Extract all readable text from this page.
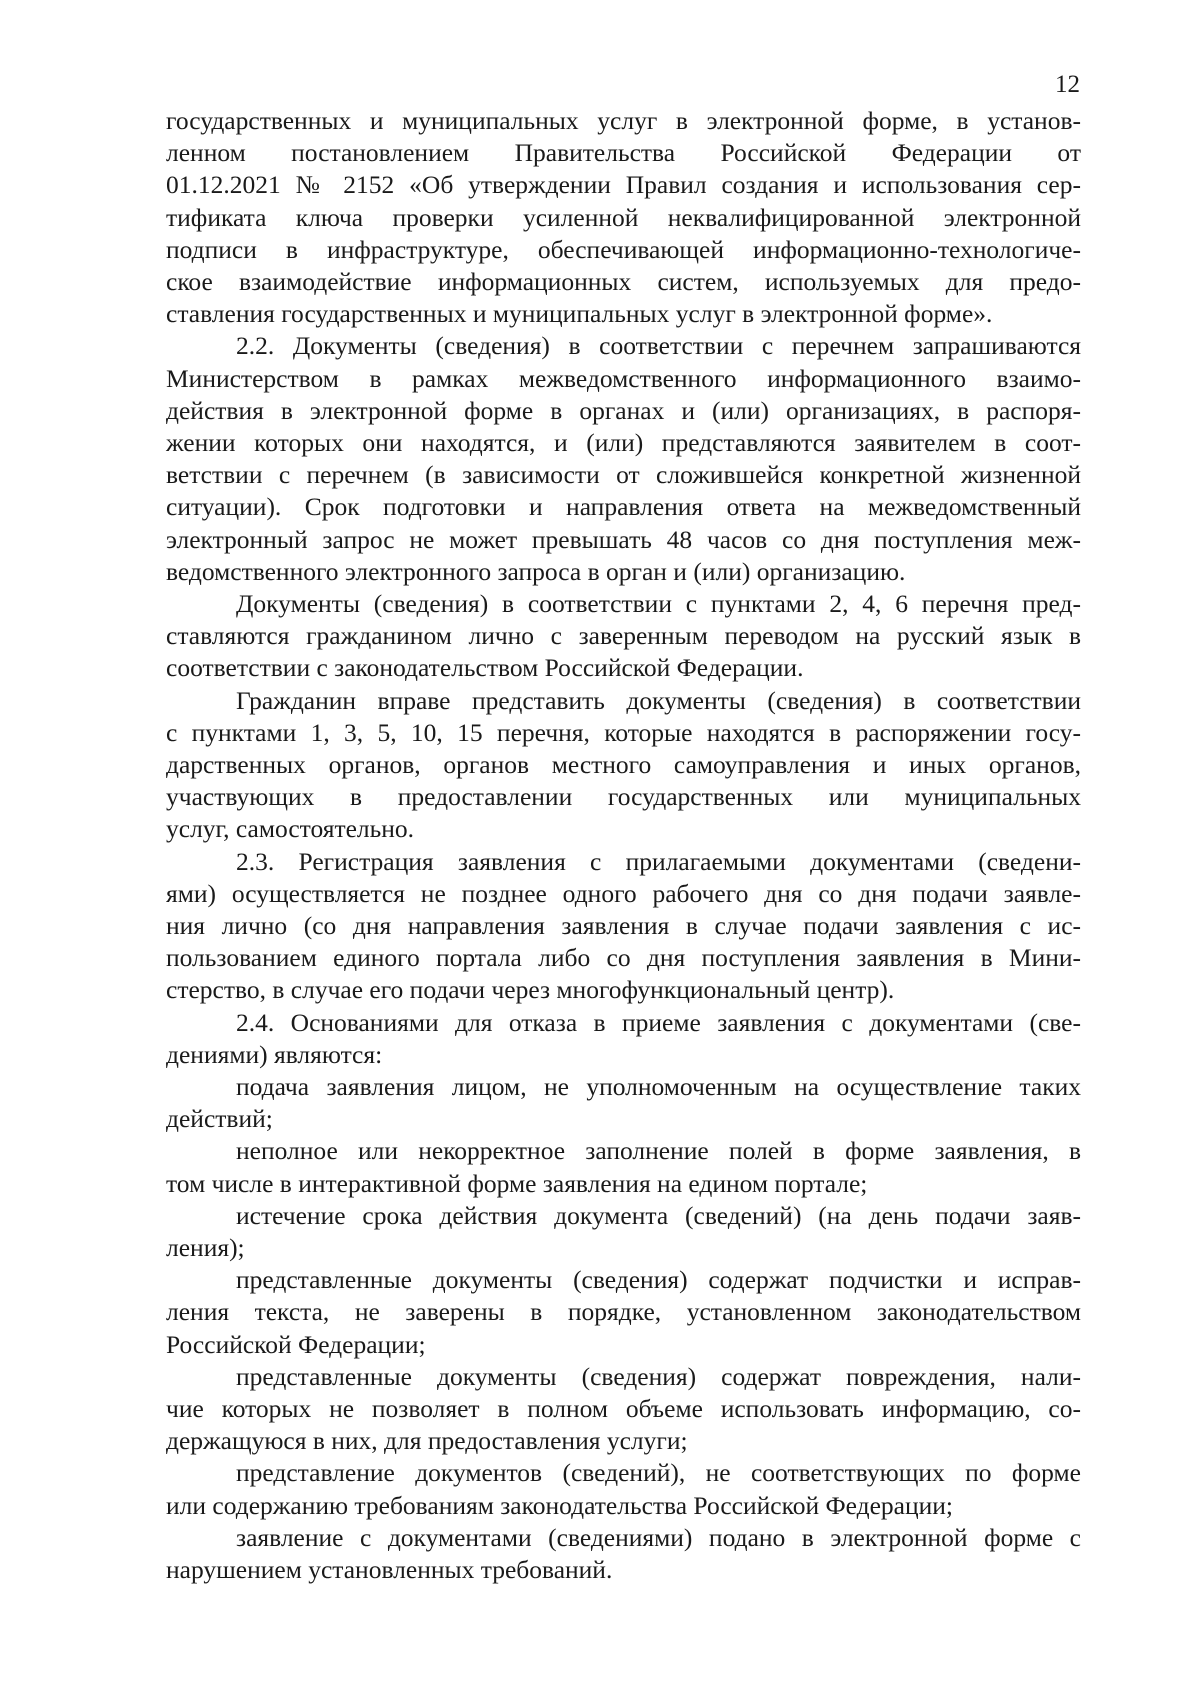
12
государственных и муниципальных услуг в электронной форме, в установ-
ленном постановлением Правительства Российской Федерации от
01.12.2021 № 2152 «Об утверждении Правил создания и использования сер-
тификата ключа проверки усиленной неквалифицированной электронной
подписи в инфраструктуре, обеспечивающей информационно-технологиче-
ское взаимодействие информационных систем, используемых для предо-
ставления государственных и муниципальных услуг в электронной форме».
2.2. Документы (сведения) в соответствии с перечнем запрашиваются
Министерством в рамках межведомственного информационного взаимо-
действия в электронной форме в органах и (или) организациях, в распоря-
жении которых они находятся, и (или) представляются заявителем в соот-
ветствии с перечнем (в зависимости от сложившейся конкретной жизненной
ситуации). Срок подготовки и направления ответа на межведомственный
электронный запрос не может превышать 48 часов со дня поступления меж-
ведомственного электронного запроса в орган и (или) организацию.
Документы (сведения) в соответствии с пунктами 2, 4, 6 перечня пред-
ставляются гражданином лично с заверенным переводом на русский язык в
соответствии с законодательством Российской Федерации.
Гражданин вправе представить документы (сведения) в соответствии
с пунктами 1, 3, 5, 10, 15 перечня, которые находятся в распоряжении госу-
дарственных органов, органов местного самоуправления и иных органов,
участвующих в предоставлении государственных или муниципальных
услуг, самостоятельно.
2.3. Регистрация заявления с прилагаемыми документами (сведени-
ями) осуществляется не позднее одного рабочего дня со дня подачи заявле-
ния лично (со дня направления заявления в случае подачи заявления с ис-
пользованием единого портала либо со дня поступления заявления в Мини-
стерство, в случае его подачи через многофункциональный центр).
2.4. Основаниями для отказа в приеме заявления с документами (све-
дениями) являются:
подача заявления лицом, не уполномоченным на осуществление таких
действий;
неполное или некорректное заполнение полей в форме заявления, в
том числе в интерактивной форме заявления на едином портале;
истечение срока действия документа (сведений) (на день подачи заяв-
ления);
представленные документы (сведения) содержат подчистки и исправ-
ления текста, не заверены в порядке, установленном законодательством
Российской Федерации;
представленные документы (сведения) содержат повреждения, нали-
чие которых не позволяет в полном объеме использовать информацию, со-
держащуюся в них, для предоставления услуги;
представление документов (сведений), не соответствующих по форме
или содержанию требованиям законодательства Российской Федерации;
заявление с документами (сведениями) подано в электронной форме с
нарушением установленных требований.
